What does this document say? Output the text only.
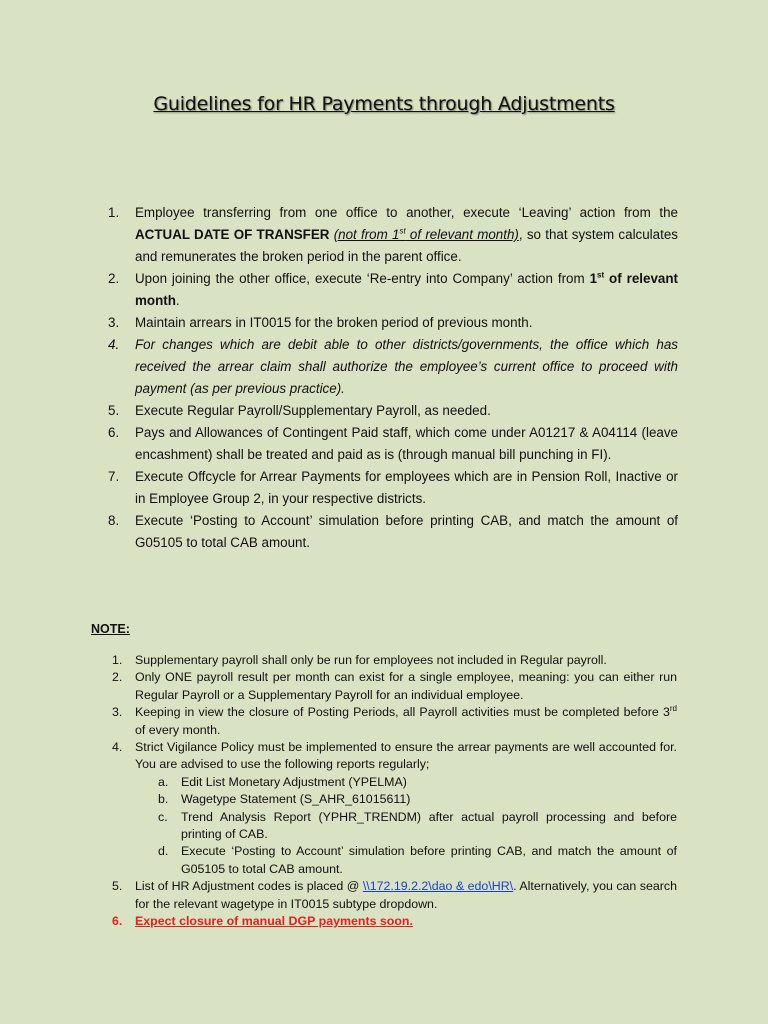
Guidelines for HR Payments through Adjustments
1. Employee transferring from one office to another, execute ‘Leaving’ action from the ACTUAL DATE OF TRANSFER (not from 1st of relevant month), so that system calculates and remunerates the broken period in the parent office.
2. Upon joining the other office, execute ‘Re-entry into Company’ action from 1st of relevant month.
3. Maintain arrears in IT0015 for the broken period of previous month.
4. For changes which are debit able to other districts/governments, the office which has received the arrear claim shall authorize the employee’s current office to proceed with payment (as per previous practice).
5. Execute Regular Payroll/Supplementary Payroll, as needed.
6. Pays and Allowances of Contingent Paid staff, which come under A01217 & A04114 (leave encashment) shall be treated and paid as is (through manual bill punching in FI).
7. Execute Offcycle for Arrear Payments for employees which are in Pension Roll, Inactive or in Employee Group 2, in your respective districts.
8. Execute ‘Posting to Account’ simulation before printing CAB, and match the amount of G05105 to total CAB amount.
NOTE:
1. Supplementary payroll shall only be run for employees not included in Regular payroll.
2. Only ONE payroll result per month can exist for a single employee, meaning: you can either run Regular Payroll or a Supplementary Payroll for an individual employee.
3. Keeping in view the closure of Posting Periods, all Payroll activities must be completed before 3rd of every month.
4. Strict Vigilance Policy must be implemented to ensure the arrear payments are well accounted for. You are advised to use the following reports regularly;
a. Edit List Monetary Adjustment (YPELMA)
b. Wagetype Statement (S_AHR_61015611)
c. Trend Analysis Report (YPHR_TRENDM) after actual payroll processing and before printing of CAB.
d. Execute ‘Posting to Account’ simulation before printing CAB, and match the amount of G05105 to total CAB amount.
5. List of HR Adjustment codes is placed @ \\172.19.2.2\dao & edo\HR\. Alternatively, you can search for the relevant wagetype in IT0015 subtype dropdown.
6. Expect closure of manual DGP payments soon.
